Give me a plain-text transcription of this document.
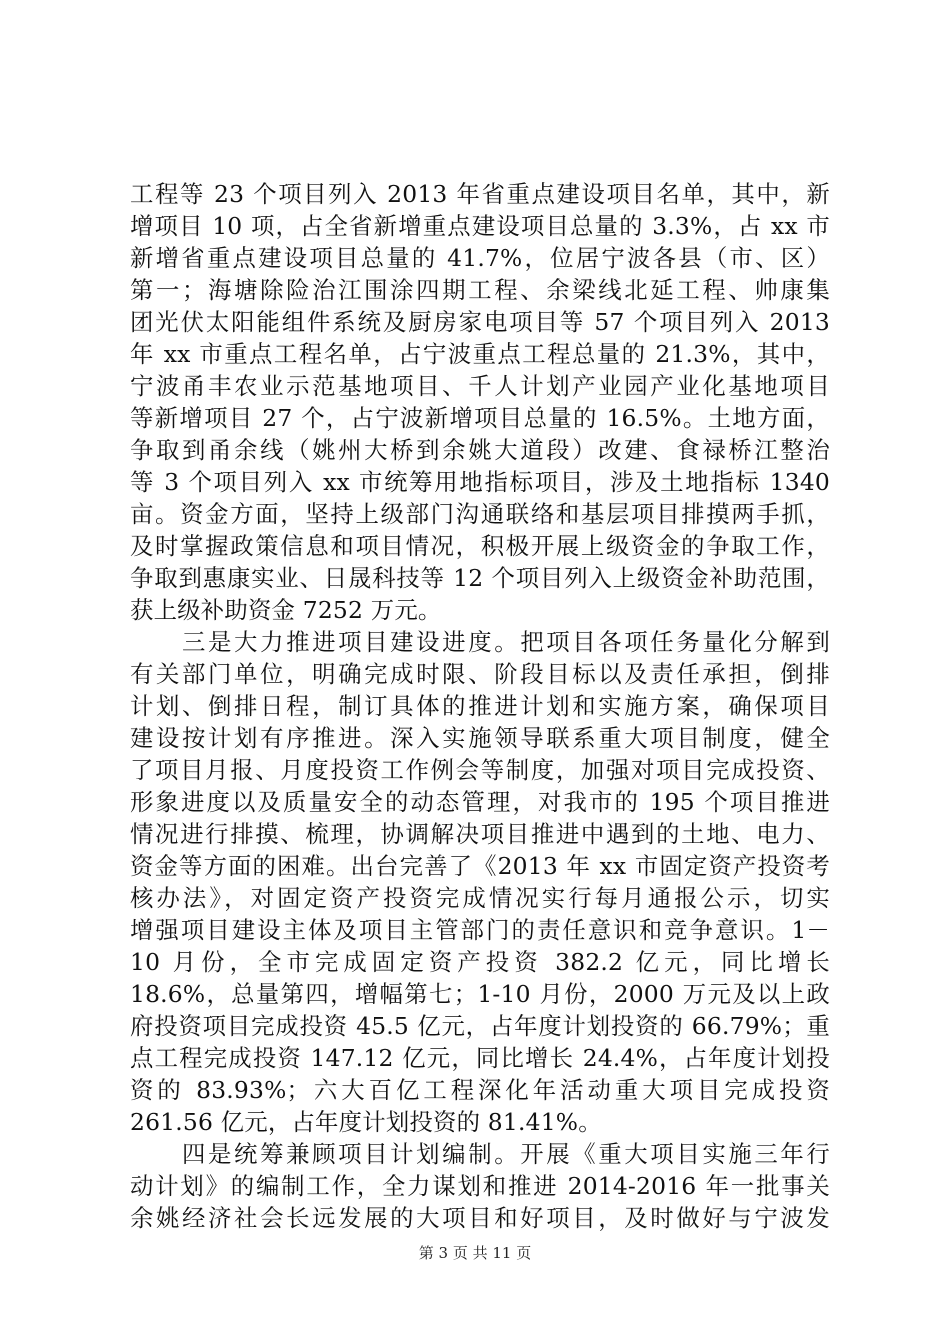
工程等 23 个项目列入 2013 年省重点建设项目名单，其中，新
增项目 10 项，占全省新增重点建设项目总量的 3.3%，占 xx 市
新增省重点建设项目总量的 41.7%，位居宁波各县（市、区）
第一；海塘除险治江围涂四期工程、余梁线北延工程、帅康集
团光伏太阳能组件系统及厨房家电项目等 57 个项目列入 2013
年 xx 市重点工程名单，占宁波重点工程总量的 21.3%，其中，
宁波甬丰农业示范基地项目、千人计划产业园产业化基地项目
等新增项目 27 个，占宁波新增项目总量的 16.5%。土地方面，
争取到甬余线（姚州大桥到余姚大道段）改建、食禄桥江整治
等 3 个项目列入 xx 市统筹用地指标项目，涉及土地指标 1340
亩。资金方面，坚持上级部门沟通联络和基层项目排摸两手抓，
及时掌握政策信息和项目情况，积极开展上级资金的争取工作，
争取到惠康实业、日晟科技等 12 个项目列入上级资金补助范围，
获上级补助资金 7252 万元。
　　三是大力推进项目建设进度。把项目各项任务量化分解到
有关部门单位，明确完成时限、阶段目标以及责任承担，倒排
计划、倒排日程，制订具体的推进计划和实施方案，确保项目
建设按计划有序推进。深入实施领导联系重大项目制度，健全
了项目月报、月度投资工作例会等制度，加强对项目完成投资、
形象进度以及质量安全的动态管理，对我市的 195 个项目推进
情况进行排摸、梳理，协调解决项目推进中遇到的土地、电力、
资金等方面的困难。出台完善了《2013 年 xx 市固定资产投资考
核办法》，对固定资产投资完成情况实行每月通报公示，切实
增强项目建设主体及项目主管部门的责任意识和竞争意识。1－
10 月份，全市完成固定资产投资 382.2 亿元，同比增长
18.6%，总量第四，增幅第七；1-10 月份，2000 万元及以上政
府投资项目完成投资 45.5 亿元，占年度计划投资的 66.79%；重
点工程完成投资 147.12 亿元，同比增长 24.4%，占年度计划投
资的 83.93%；六大百亿工程深化年活动重大项目完成投资
261.56 亿元，占年度计划投资的 81.41%。
　　四是统筹兼顾项目计划编制。开展《重大项目实施三年行
动计划》的编制工作，全力谋划和推进 2014-2016 年一批事关
余姚经济社会长远发展的大项目和好项目，及时做好与宁波发
第 3 页 共 11 页
